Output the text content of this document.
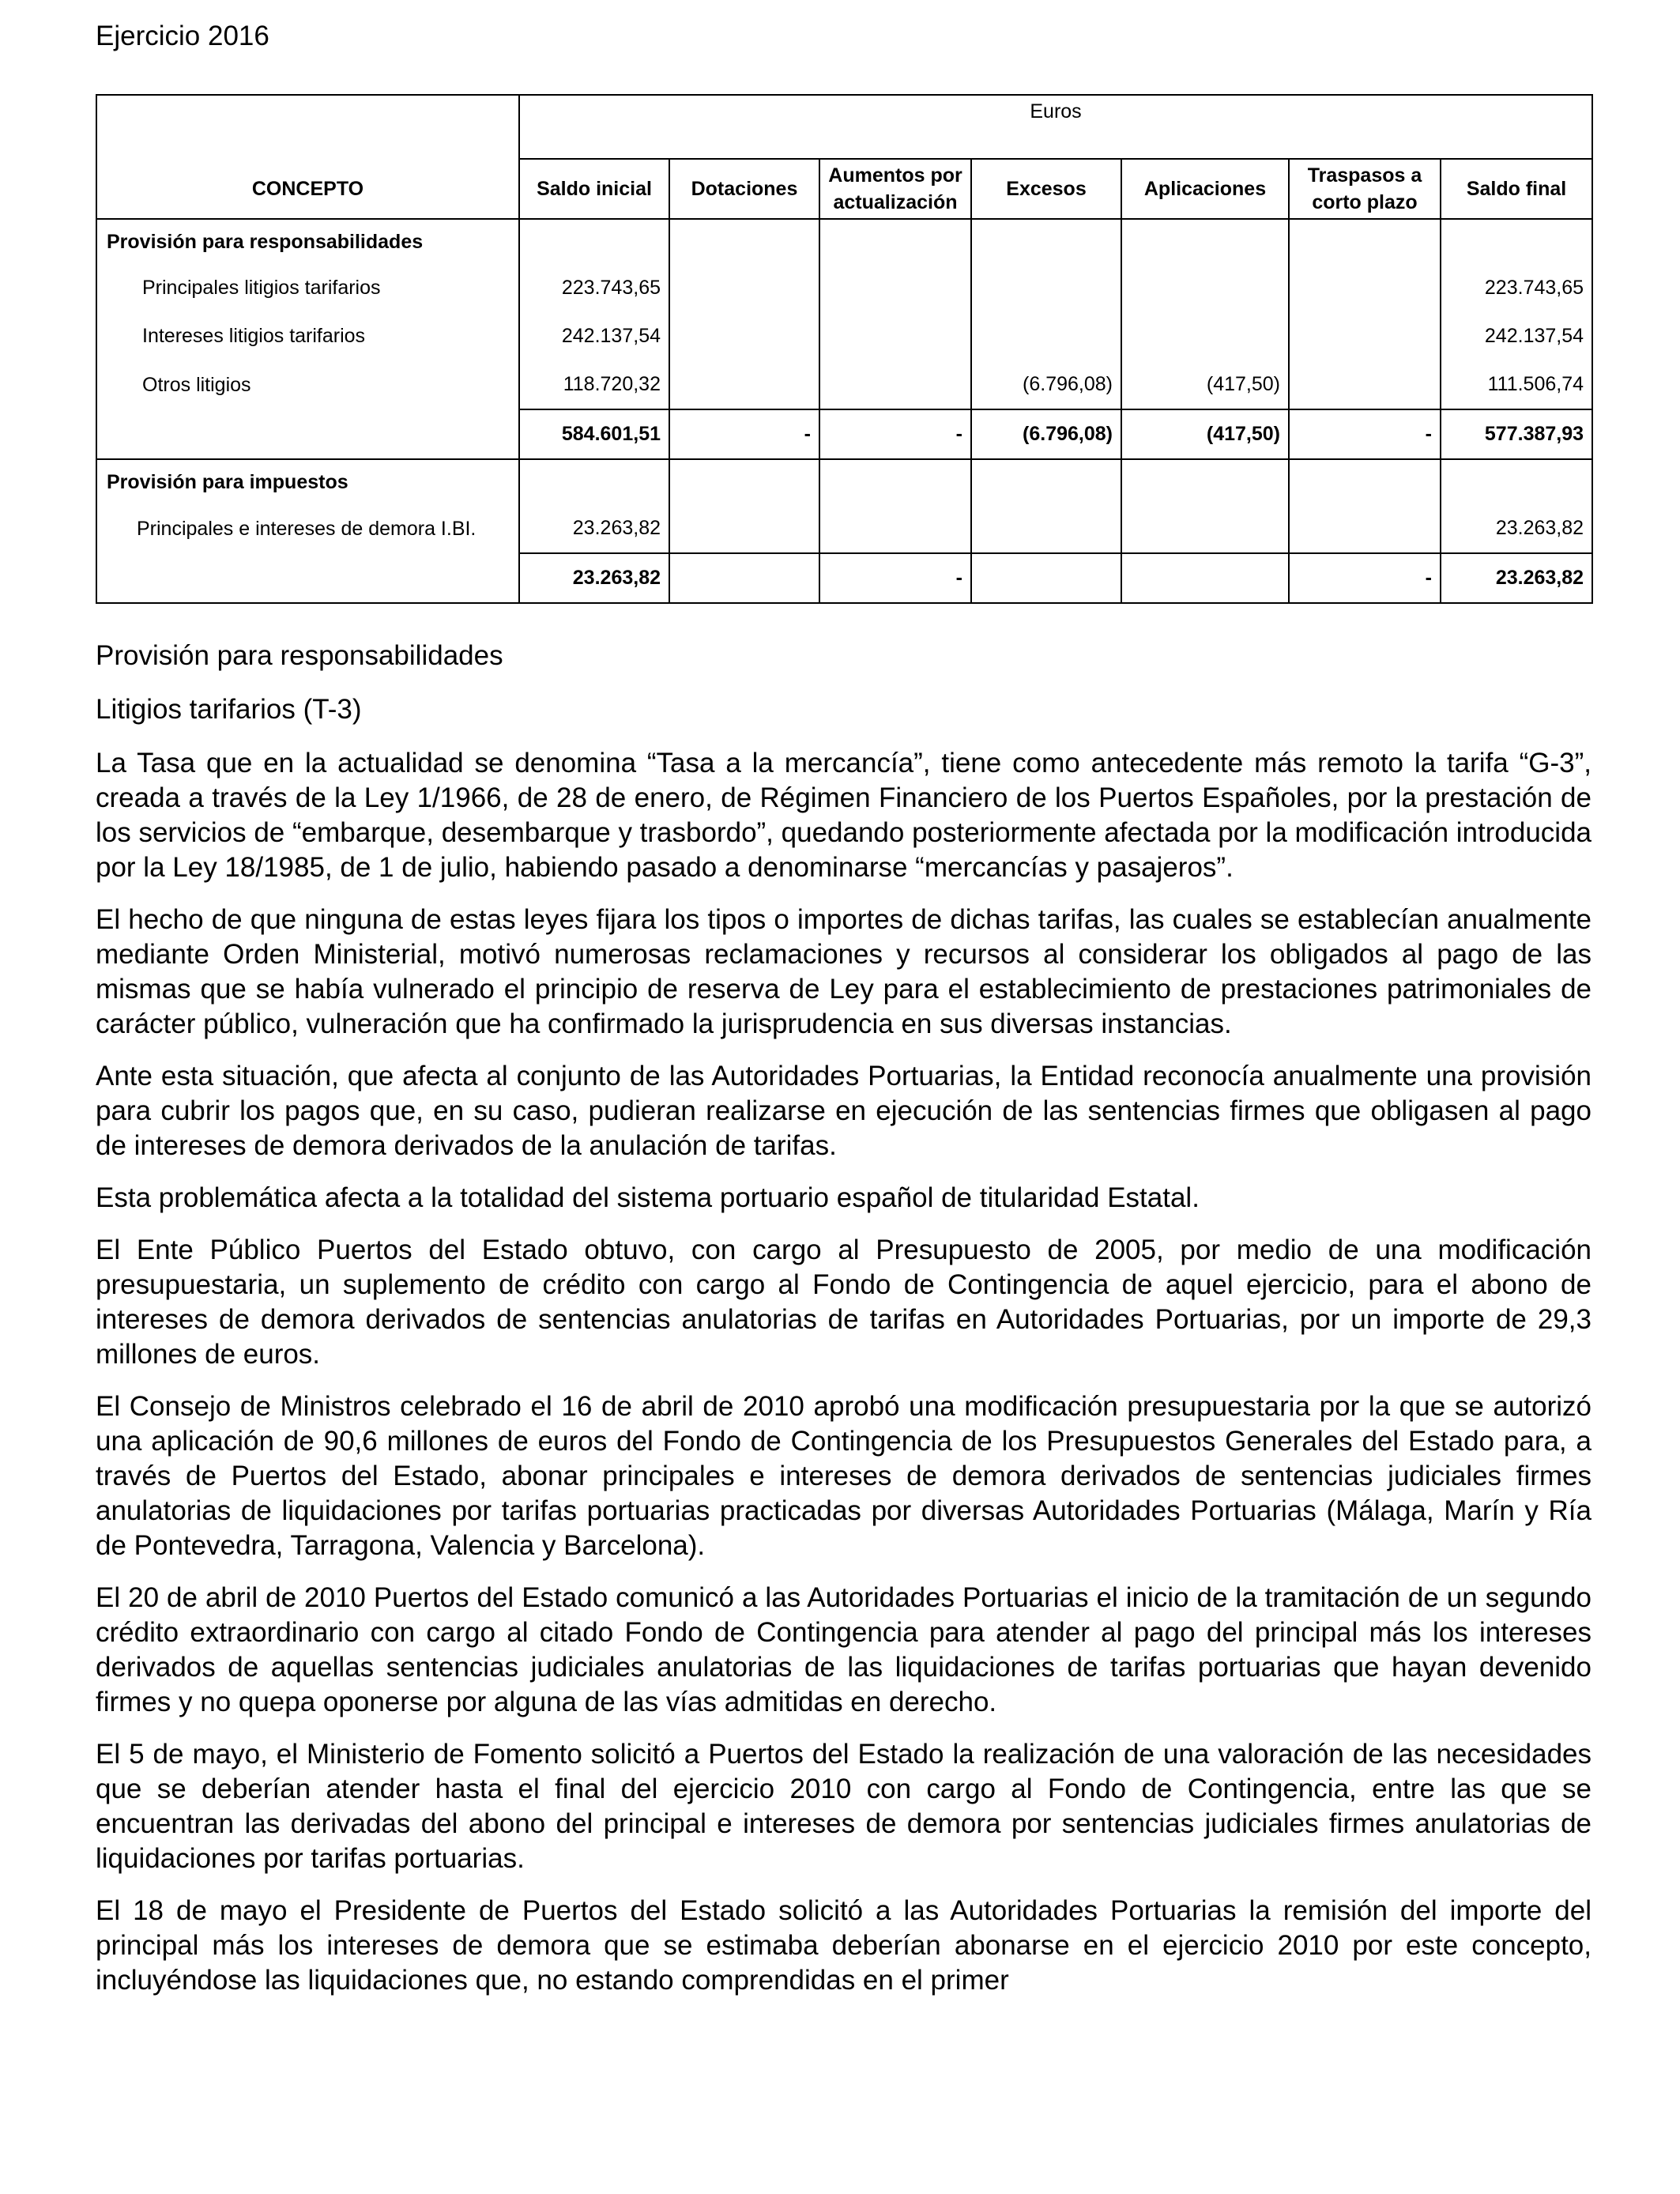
Ejercicio 2016
	Euros						
CONCEPTO	Saldo inicial	Dotaciones	Aumentos por actualización	Excesos	Aplicaciones	Traspasos a corto plazo	Saldo final
Provisión para responsabilidades							
Principales litigios tarifarios	223.743,65						223.743,65
Intereses litigios tarifarios	242.137,54						242.137,54
Otros litigios	118.720,32			(6.796,08)	(417,50)		111.506,74
	584.601,51	-	-	(6.796,08)	(417,50)	-	577.387,93
Provisión para impuestos							
Principales e intereses de demora I.BI.	23.263,82						23.263,82
	23.263,82		-			-	23.263,82
Provisión para responsabilidades
Litigios tarifarios (T-3)

La Tasa que en la actualidad se denomina “Tasa a la mercancía”, tiene como antecedente más remoto la tarifa “G-3”, creada a través de la Ley 1/1966, de 28 de enero, de Régimen Financiero de los Puertos Españoles, por la prestación de los servicios de “embarque, desembarque y trasbordo”, quedando posteriormente afectada por la modificación introducida por la Ley 18/1985, de 1 de julio, habiendo pasado a denominarse “mercancías y pasajeros”.

El hecho de que ninguna de estas leyes fijara los tipos o importes de dichas tarifas, las cuales se establecían anualmente mediante Orden Ministerial, motivó numerosas reclamaciones y recursos al considerar los obligados al pago de las mismas que se había vulnerado el principio de reserva de Ley para el establecimiento de prestaciones patrimoniales de carácter público, vulneración que ha confirmado la jurisprudencia en sus diversas instancias.

Ante esta situación, que afecta al conjunto de las Autoridades Portuarias, la Entidad reconocía anualmente una provisión para cubrir los pagos que, en su caso, pudieran realizarse en ejecución de las sentencias firmes que obligasen al pago de intereses de demora derivados de la anulación de tarifas.

Esta problemática afecta a la totalidad del sistema portuario español de titularidad Estatal.

El Ente Público Puertos del Estado obtuvo, con cargo al Presupuesto de 2005, por medio de una modificación presupuestaria, un suplemento de crédito con cargo al Fondo de Contingencia de aquel ejercicio, para el abono de intereses de demora derivados de sentencias anulatorias de tarifas en Autoridades Portuarias, por un importe de 29,3 millones de euros.

El Consejo de Ministros celebrado el 16 de abril de 2010 aprobó una modificación presupuestaria por la que se autorizó una aplicación de 90,6 millones de euros del Fondo de Contingencia de los Presupuestos Generales del Estado para, a través de Puertos del Estado, abonar principales e intereses de demora derivados de sentencias judiciales firmes anulatorias de liquidaciones por tarifas portuarias practicadas por diversas Autoridades Portuarias (Málaga, Marín y Ría de Pontevedra, Tarragona, Valencia y Barcelona).

El 20 de abril de 2010 Puertos del Estado comunicó a las Autoridades Portuarias el inicio de la tramitación de un segundo crédito extraordinario con cargo al citado Fondo de Contingencia para atender al pago del principal más los intereses derivados de aquellas sentencias judiciales anulatorias de las liquidaciones de tarifas portuarias que hayan devenido firmes y no quepa oponerse por alguna de las vías admitidas en derecho.

El 5 de mayo, el Ministerio de Fomento solicitó a Puertos del Estado la realización de una valoración de las necesidades que se deberían atender hasta el final del ejercicio 2010 con cargo al Fondo de Contingencia, entre las que se encuentran las derivadas del abono del principal e intereses de demora por sentencias judiciales firmes anulatorias de liquidaciones por tarifas portuarias.

El 18 de mayo el Presidente de Puertos del Estado solicitó a las Autoridades Portuarias la remisión del importe del principal más los intereses de demora que se estimaba deberían abonarse en el ejercicio 2010 por este concepto, incluyéndose las liquidaciones que, no estando comprendidas en el primer
